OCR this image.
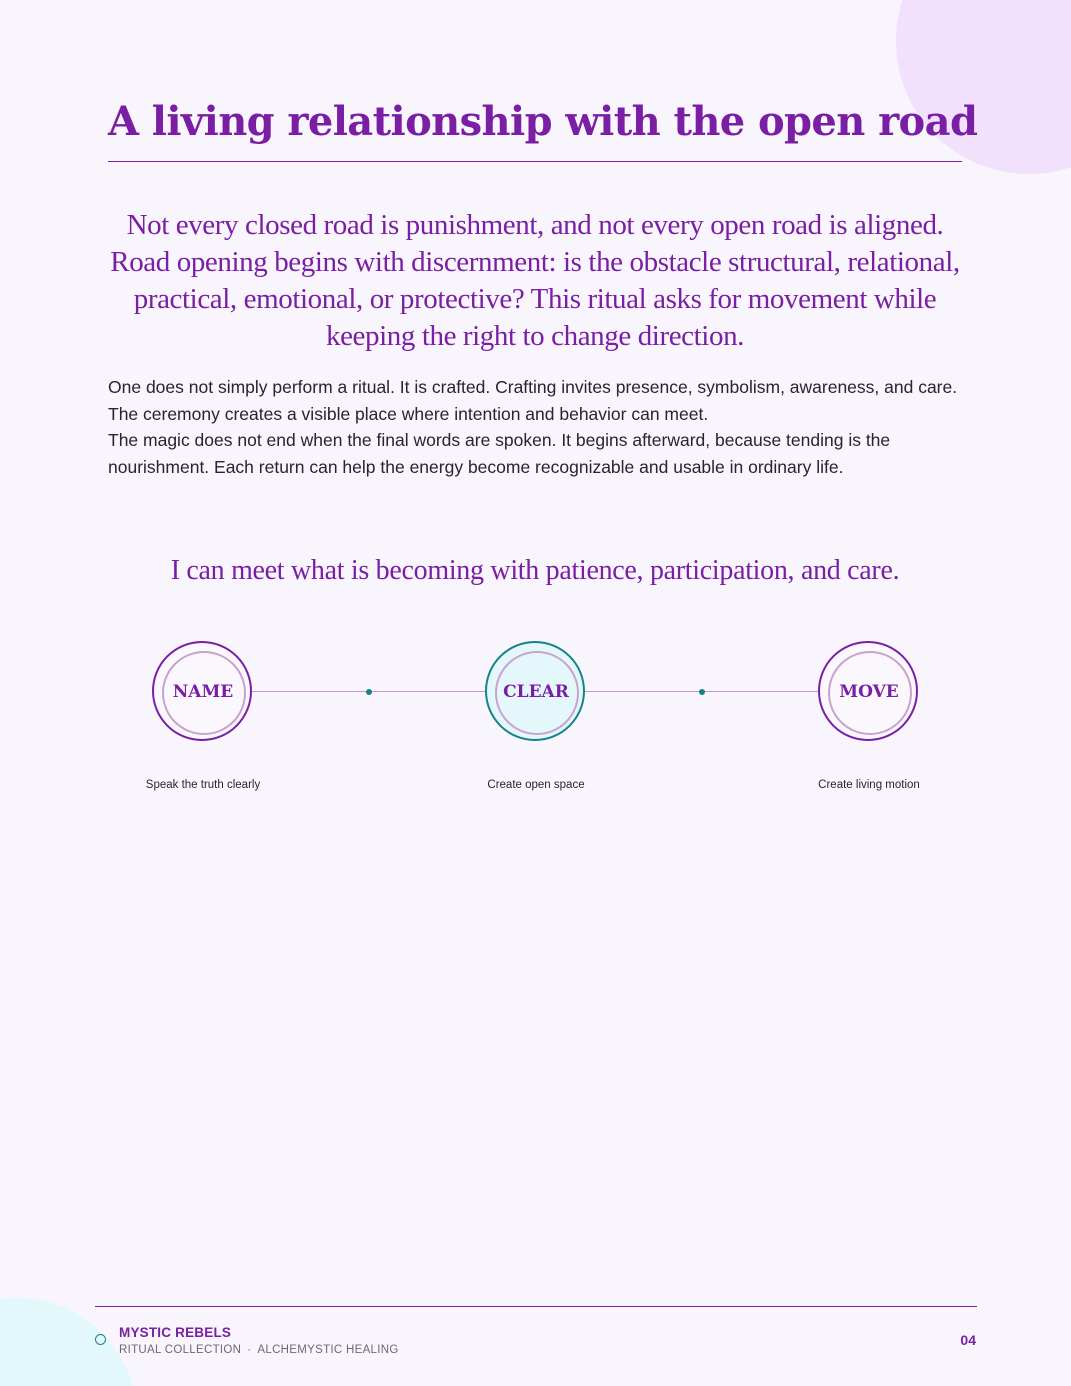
A living relationship with the open road

Not every closed road is punishment, and not every open road is aligned. Road opening begins with discernment: is the obstacle structural, relational, practical, emotional, or protective? This ritual asks for movement while keeping the right to change direction.

One does not simply perform a ritual. It is crafted. Crafting invites presence, symbolism, awareness, and care. The ceremony creates a visible place where intention and behavior can meet.

The magic does not end when the final words are spoken. It begins afterward, because tending is the nourishment. Each return can help the energy become recognizable and usable in ordinary life.

I can meet what is becoming with patience, participation, and care.

NAME	CLEAR	MOVE
Speak the truth clearly	Create open space	Create living motion
MYSTIC REBELS
RITUAL COLLECTION · ALCHEMYSTIC HEALING
04
